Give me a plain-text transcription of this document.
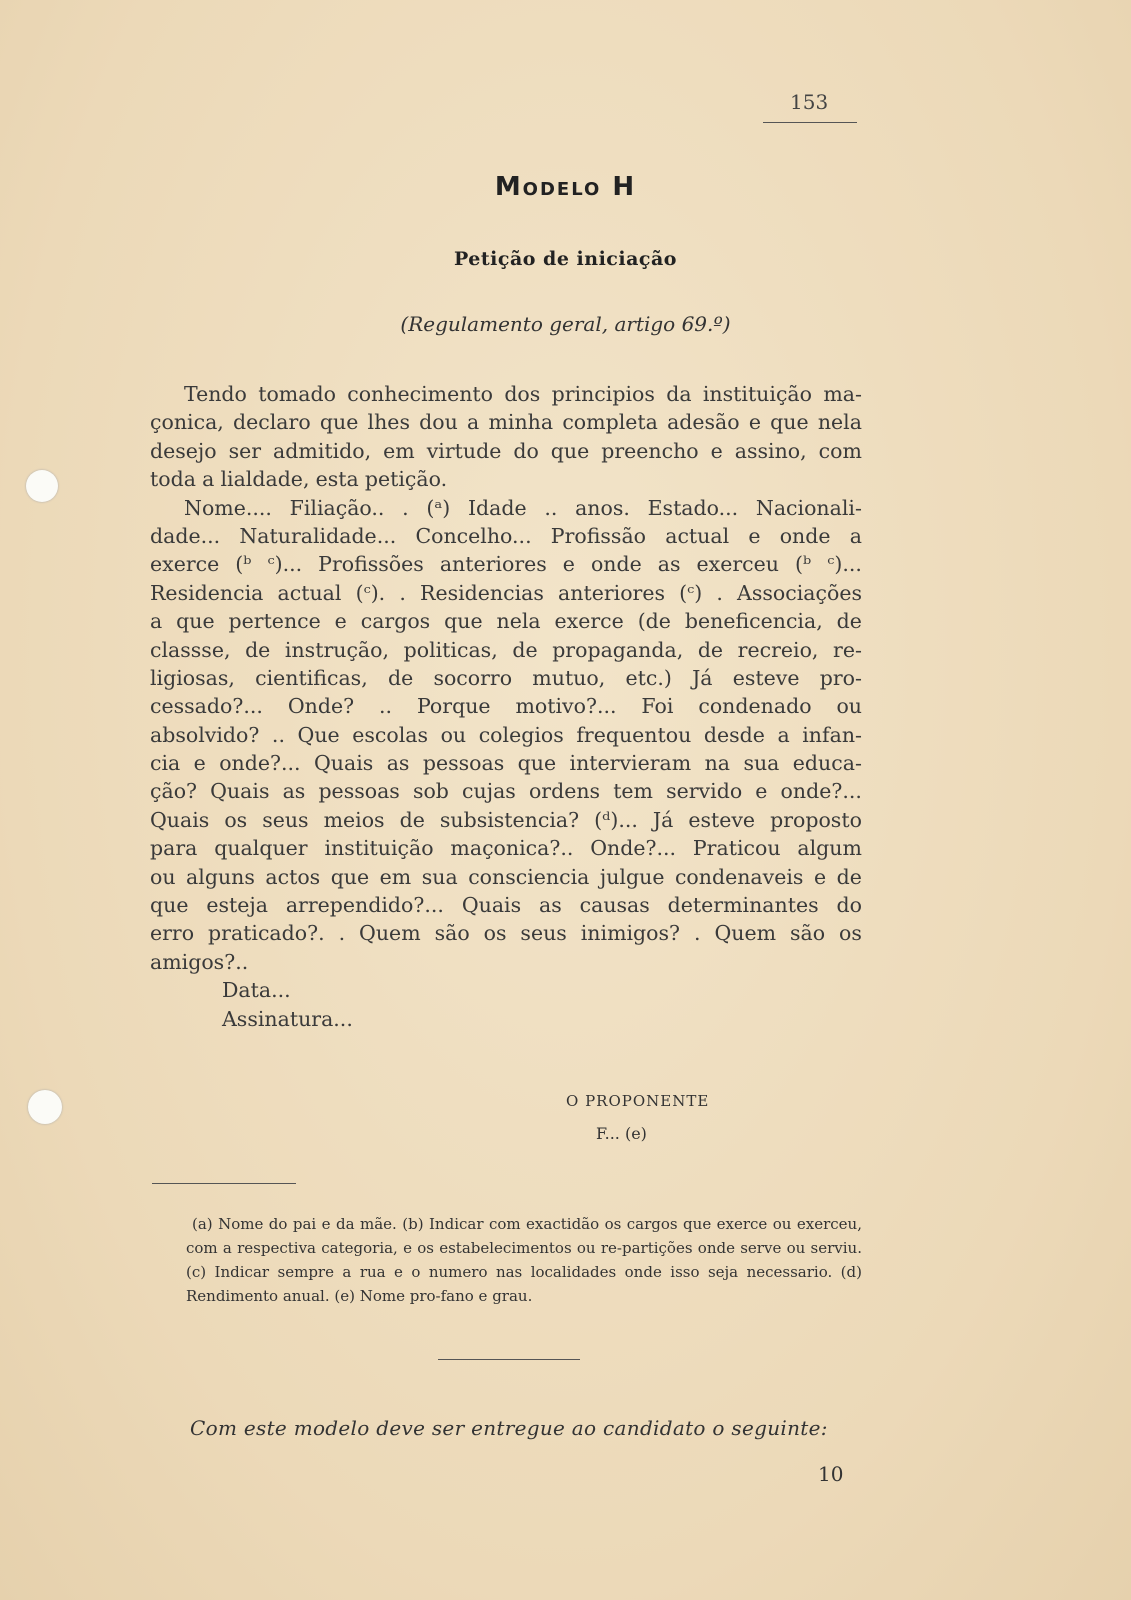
153
Modelo H
Petição de iniciação
(Regulamento geral, artigo 69.º)
Tendo tomado conhecimento dos principios da instituição ma-
çonica, declaro que lhes dou a minha completa adesão e que nela
desejo ser admitido, em virtude do que preencho e assino, com
toda a lialdade, esta petição.
Nome.... Filiação.. . (ᵃ) Idade .. anos. Estado... Nacionali-
dade... Naturalidade... Concelho... Profissão actual e onde a
exerce (ᵇ ᶜ)... Profissões anteriores e onde as exerceu (ᵇ ᶜ)...
Residencia actual (ᶜ). . Residencias anteriores (ᶜ) . Associações
a que pertence e cargos que nela exerce (de beneficencia, de
classse, de instrução, politicas, de propaganda, de recreio, re-
ligiosas, cientificas, de socorro mutuo, etc.) Já esteve pro-
cessado?... Onde? .. Porque motivo?... Foi condenado ou
absolvido? .. Que escolas ou colegios frequentou desde a infan-
cia e onde?... Quais as pessoas que intervieram na sua educa-
ção? Quais as pessoas sob cujas ordens tem servido e onde?...
Quais os seus meios de subsistencia? (ᵈ)... Já esteve proposto
para qualquer instituição maçonica?.. Onde?... Praticou algum
ou alguns actos que em sua consciencia julgue condenaveis e de
que esteja arrependido?... Quais as causas determinantes do
erro praticado?. . Quem são os seus inimigos? . Quem são os
amigos?..
Data...
Assinatura...
O PROPONENTE
F... (e)

(a) Nome do pai e da mãe. (b) Indicar com exactidão os cargos que exerce ou exerceu, com a respectiva categoria, e os estabelecimentos ou re-partições onde serve ou serviu. (c) Indicar sempre a rua e o numero nas localidades onde isso seja necessario. (d) Rendimento anual. (e) Nome pro-fano e grau.

Com este modelo deve ser entregue ao candidato o seguinte:
10
